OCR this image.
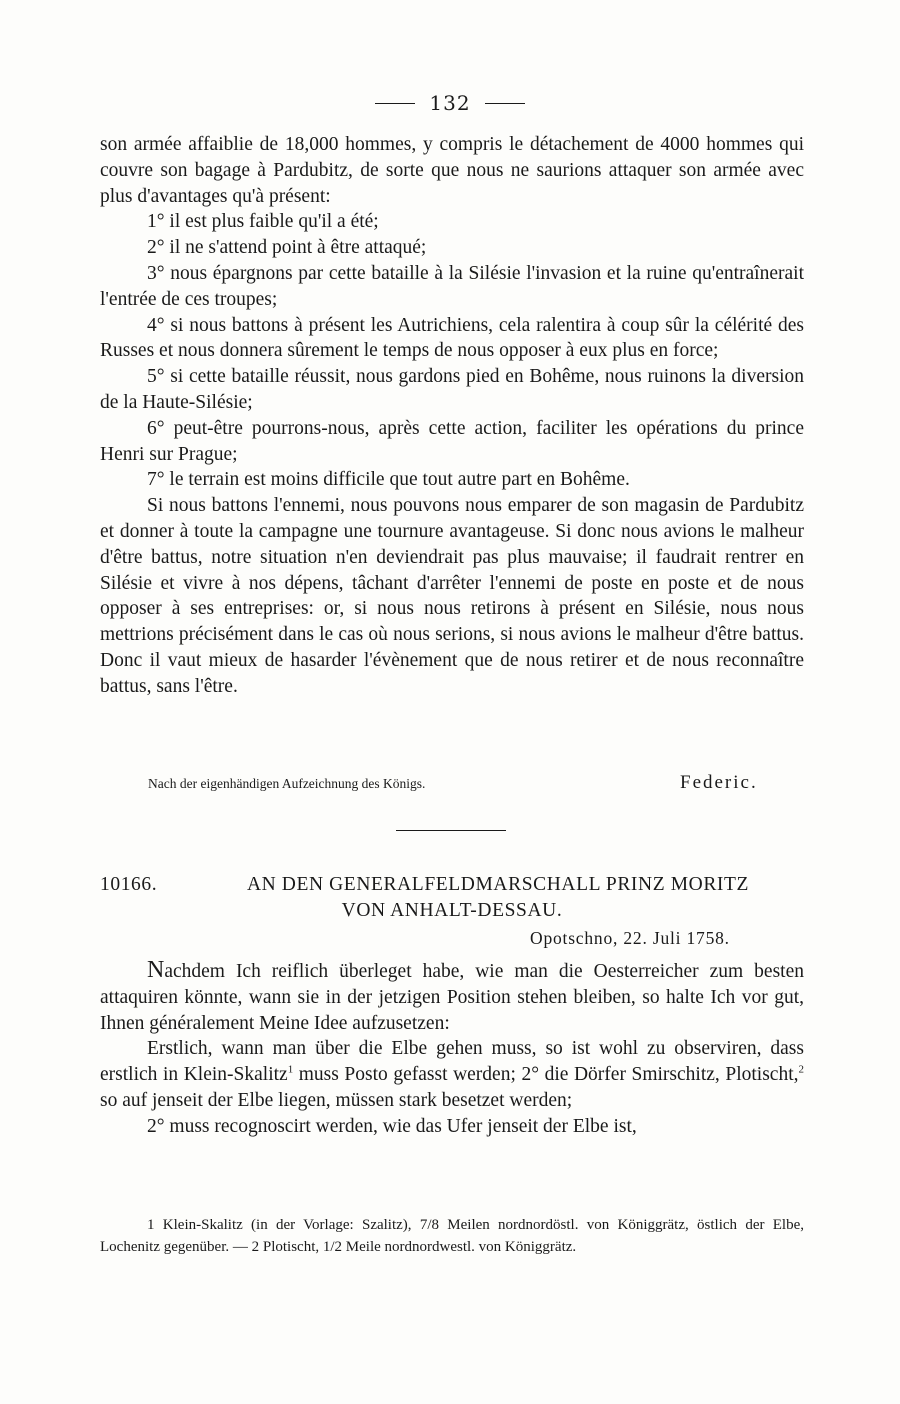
132

son armée affaiblie de 18,000 hommes, y compris le détachement de 4000 hommes qui couvre son bagage à Pardubitz, de sorte que nous ne saurions attaquer son armée avec plus d'avantages qu'à présent:

1° il est plus faible qu'il a été;

2° il ne s'attend point à être attaqué;

3° nous épargnons par cette bataille à la Silésie l'invasion et la ruine qu'entraînerait l'entrée de ces troupes;

4° si nous battons à présent les Autrichiens, cela ralentira à coup sûr la célérité des Russes et nous donnera sûrement le temps de nous opposer à eux plus en force;

5° si cette bataille réussit, nous gardons pied en Bohême, nous ruinons la diversion de la Haute-Silésie;

6° peut-être pourrons-nous, après cette action, faciliter les opérations du prince Henri sur Prague;

7° le terrain est moins difficile que tout autre part en Bohême.

Si nous battons l'ennemi, nous pouvons nous emparer de son magasin de Pardubitz et donner à toute la campagne une tournure avantageuse. Si donc nous avions le malheur d'être battus, notre situation n'en deviendrait pas plus mauvaise; il faudrait rentrer en Silésie et vivre à nos dépens, tâchant d'arrêter l'ennemi de poste en poste et de nous opposer à ses entreprises: or, si nous nous retirons à présent en Silésie, nous nous mettrions précisément dans le cas où nous serions, si nous avions le malheur d'être battus. Donc il vaut mieux de hasarder l'évènement que de nous retirer et de nous reconnaître battus, sans l'être.

Nach der eigenhändigen Aufzeichnung des Königs.	Federic.
10166.	AN DEN GENERALFELDMARSCHALL PRINZ MORITZ
VON ANHALT-DESSAU.
Opotschno, 22. Juli 1758.

Nachdem Ich reiflich überleget habe, wie man die Oesterreicher zum besten attaquiren könnte, wann sie in der jetzigen Position stehen bleiben, so halte Ich vor gut, Ihnen généralement Meine Idee aufzusetzen:

Erstlich, wann man über die Elbe gehen muss, so ist wohl zu observiren, dass erstlich in Klein-Skalitz$^1$ muss Posto gefasst werden; 2° die Dörfer Smirschitz, Plotischt,$^2$ so auf jenseit der Elbe liegen, müssen stark besetzet werden;

2° muss recognoscirt werden, wie das Ufer jenseit der Elbe ist,

1 Klein-Skalitz (in der Vorlage: Szalitz), 7/8 Meilen nordnordöstl. von Königgrätz, östlich der Elbe, Lochenitz gegenüber. — 2 Plotischt, 1/2 Meile nordnordwestl. von Königgrätz.
